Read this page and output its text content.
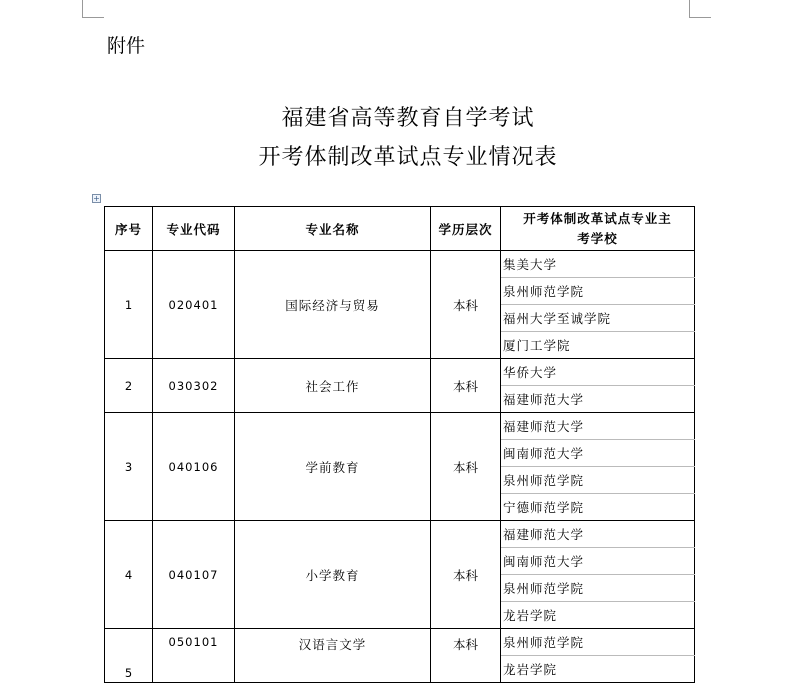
附件
福建省高等教育自学考试
开考体制改革试点专业情况表
+
序号	专业代码	专业名称	学历层次	开考体制改革试点专业主考学校
1	020401	国际经济与贸易	本科	集美大学
				泉州师范学院
				福州大学至诚学院
				厦门工学院
2	030302	社会工作	本科	华侨大学
				福建师范大学
3	040106	学前教育	本科	福建师范大学
				闽南师范大学
				泉州师范学院
				宁德师范学院
4	040107	小学教育	本科	福建师范大学
				闽南师范大学
				泉州师范学院
				龙岩学院
5	050101	汉语言文学	本科	泉州师范学院
				龙岩学院
